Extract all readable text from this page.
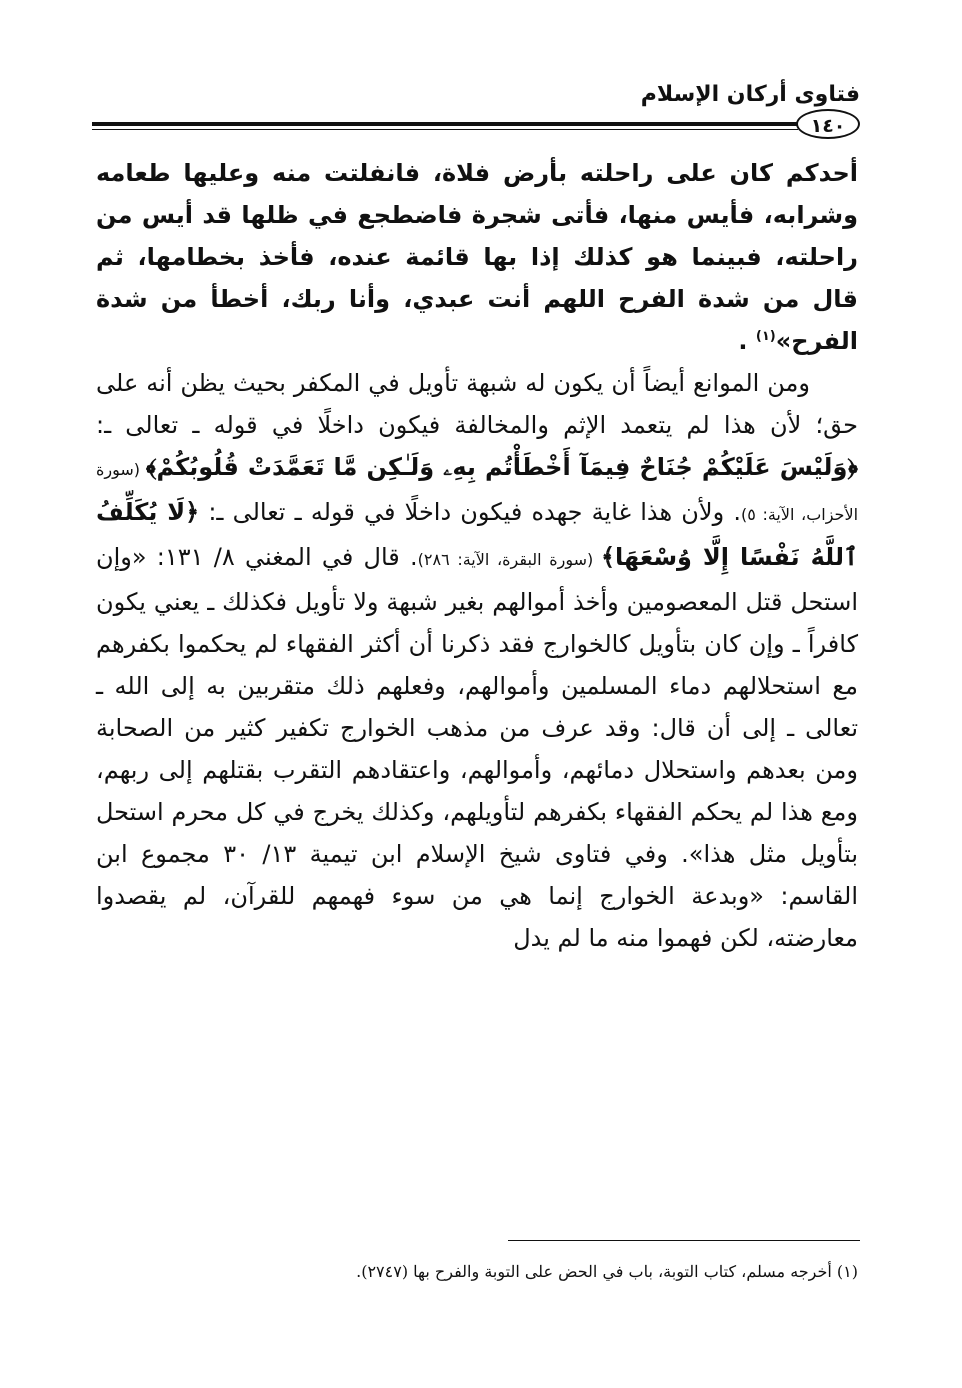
فتاوى أركان الإسلام
١٤٠

أحدكم كان على راحلته بأرض فلاة، فانفلتت منه وعليها طعامه وشرابه، فأيس منها، فأتى شجرة فاضطجع في ظلها قد أيس من راحلته، فبينما هو كذلك إذا بها قائمة عنده، فأخذ بخطامها، ثم قال من شدة الفرح اللهم أنت عبدي، وأنا ربك، أخطأ من شدة الفرح»$^{(١)}$ .

ومن الموانع أيضاً أن يكون له شبهة تأويل في المكفر بحيث يظن أنه على حق؛ لأن هذا لم يتعمد الإثم والمخالفة فيكون داخلًا في قوله ـ تعالى ـ: ﴿وَلَيْسَ عَلَيْكُمْ جُنَاحٌ فِيمَآ أَخْطَأْتُم بِهِۦ وَلَـٰكِن مَّا تَعَمَّدَتْ قُلُوبُكُمْ﴾ (سورة الأحزاب، الآية: ٥). ولأن هذا غاية جهده فيكون داخلًا في قوله ـ تعالى ـ: ﴿لَا يُكَلِّفُ ٱللَّهُ نَفْسًا إِلَّا وُسْعَهَا﴾ (سورة البقرة، الآية: ٢٨٦). قال في المغني ٨/ ١٣١: «وإن استحل قتل المعصومين وأخذ أموالهم بغير شبهة ولا تأويل فكذلك ـ يعني يكون كافراً ـ وإن كان بتأويل كالخوارج فقد ذكرنا أن أكثر الفقهاء لم يحكموا بكفرهم مع استحلالهم دماء المسلمين وأموالهم، وفعلهم ذلك متقربين به إلى الله ـ تعالى ـ إلى أن قال: وقد عرف من مذهب الخوارج تكفير كثير من الصحابة ومن بعدهم واستحلال دمائهم، وأموالهم، واعتقادهم التقرب بقتلهم إلى ربهم، ومع هذا لم يحكم الفقهاء بكفرهم لتأويلهم، وكذلك يخرج في كل محرم استحل بتأويل مثل هذا». وفي فتاوى شيخ الإسلام ابن تيمية ١٣/ ٣٠ مجموع ابن القاسم: «وبدعة الخوارج إنما هي من سوء فهمهم للقرآن، لم يقصدوا معارضته، لكن فهموا منه ما لم يدل

(١) أخرجه مسلم، كتاب التوبة، باب في الحض على التوبة والفرح بها (٢٧٤٧).
